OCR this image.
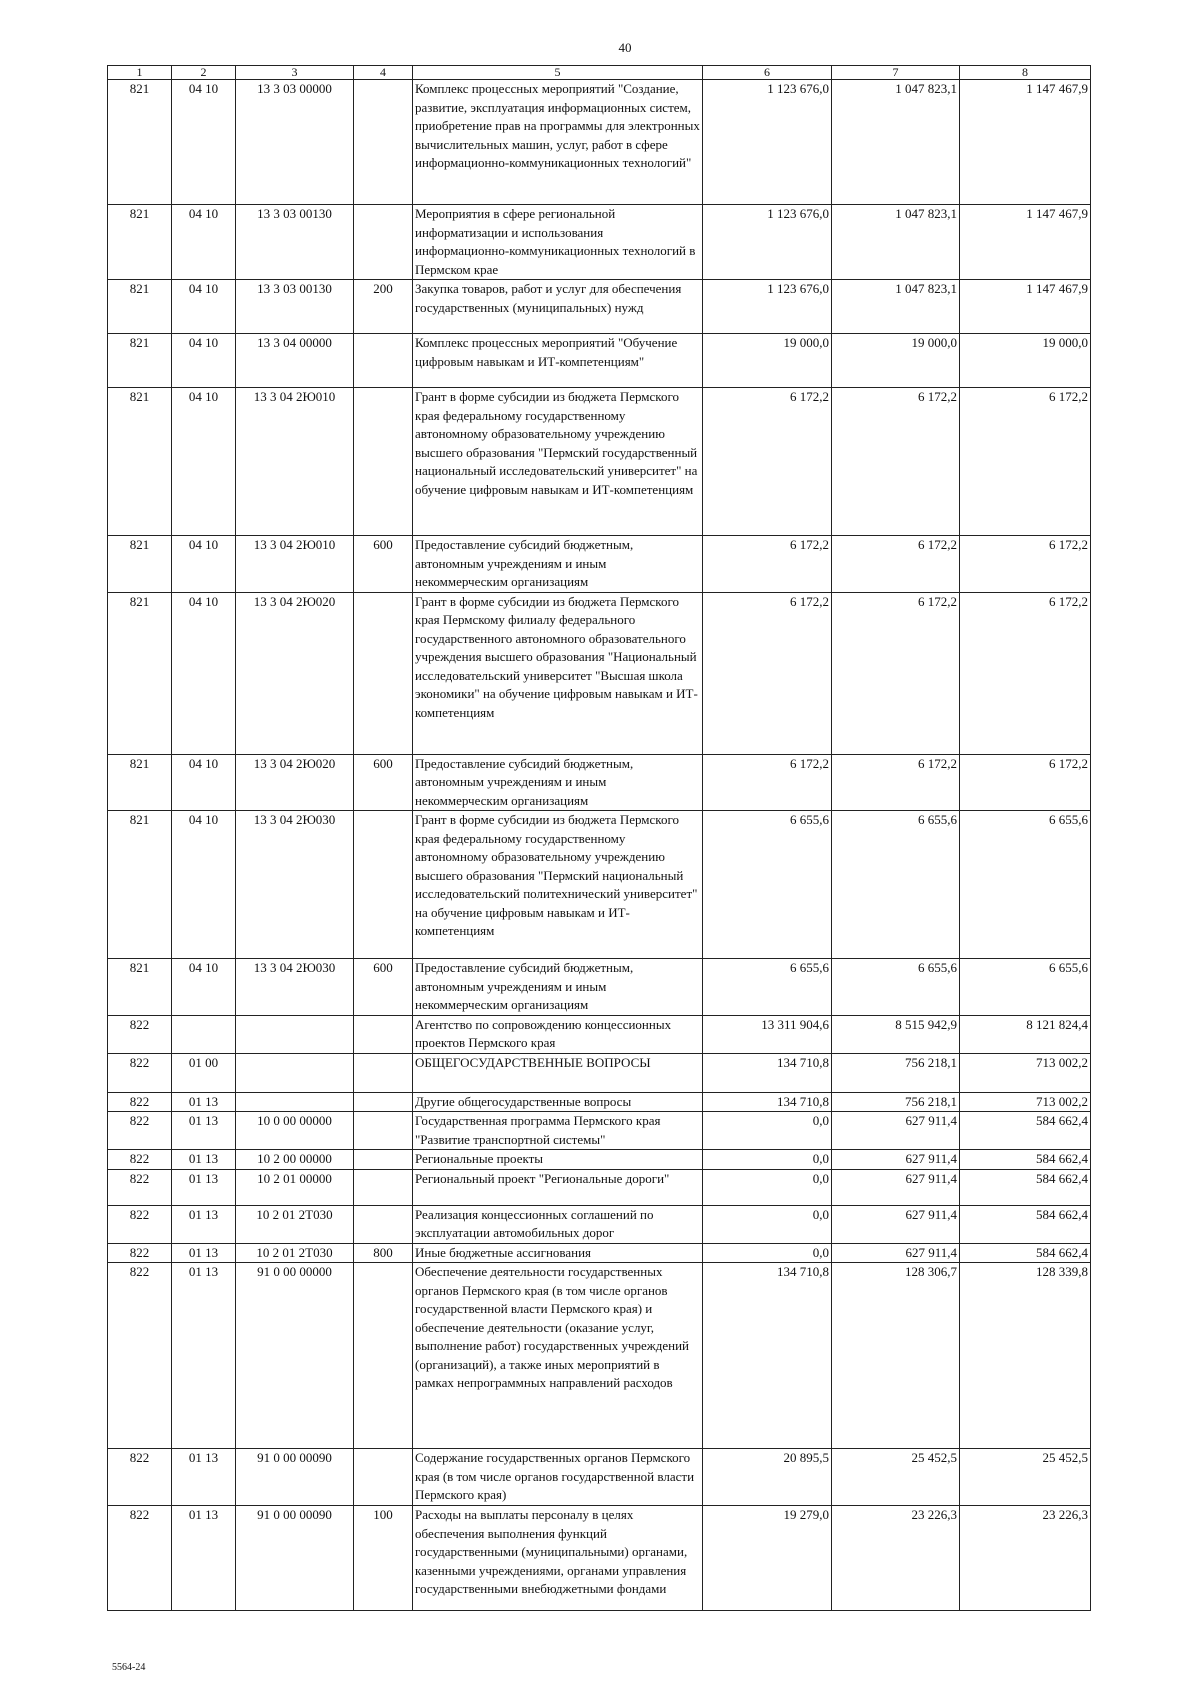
40
1	2	3	4	5	6	7	8
821	04 10	13 3 03 00000		Комплекс процессных мероприятий "Создание, развитие, эксплуатация информационных систем, приобретение прав на программы для электронных вычислительных машин, услуг, работ в сфере информационно-коммуникационных технологий"	1 123 676,0	1 047 823,1	1 147 467,9
821	04 10	13 3 03 00130		Мероприятия в сфере региональной информатизации и использования информационно-коммуникационных технологий в Пермском крае	1 123 676,0	1 047 823,1	1 147 467,9
821	04 10	13 3 03 00130	200	Закупка товаров, работ и услуг для обеспечения государственных (муниципальных) нужд	1 123 676,0	1 047 823,1	1 147 467,9
821	04 10	13 3 04 00000		Комплекс процессных мероприятий "Обучение цифровым навыкам и ИТ-компетенциям"	19 000,0	19 000,0	19 000,0
821	04 10	13 3 04 2Ю010		Грант в форме субсидии из бюджета Пермского края федеральному государственному автономному образовательному учреждению высшего образования "Пермский государственный национальный исследовательский университет" на обучение цифровым навыкам и ИТ-компетенциям	6 172,2	6 172,2	6 172,2
821	04 10	13 3 04 2Ю010	600	Предоставление субсидий бюджетным, автономным учреждениям и иным некоммерческим организациям	6 172,2	6 172,2	6 172,2
821	04 10	13 3 04 2Ю020		Грант в форме субсидии из бюджета Пермского края Пермскому филиалу федерального государственного автономного образовательного учреждения высшего образования "Национальный исследовательский университет "Высшая школа экономики" на обучение цифровым навыкам и ИТ-компетенциям	6 172,2	6 172,2	6 172,2
821	04 10	13 3 04 2Ю020	600	Предоставление субсидий бюджетным, автономным учреждениям и иным некоммерческим организациям	6 172,2	6 172,2	6 172,2
821	04 10	13 3 04 2Ю030		Грант в форме субсидии из бюджета Пермского края федеральному государственному автономному образовательному учреждению высшего образования "Пермский национальный исследовательский политехнический университет" на обучение цифровым навыкам и ИТ-компетенциям	6 655,6	6 655,6	6 655,6
821	04 10	13 3 04 2Ю030	600	Предоставление субсидий бюджетным, автономным учреждениям и иным некоммерческим организациям	6 655,6	6 655,6	6 655,6
822				Агентство по сопровождению концессионных проектов Пермского края	13 311 904,6	8 515 942,9	8 121 824,4
822	01 00			ОБЩЕГОСУДАРСТВЕННЫЕ ВОПРОСЫ	134 710,8	756 218,1	713 002,2
822	01 13			Другие общегосударственные вопросы	134 710,8	756 218,1	713 002,2
822	01 13	10 0 00 00000		Государственная программа Пермского края "Развитие транспортной системы"	0,0	627 911,4	584 662,4
822	01 13	10 2 00 00000		Региональные проекты	0,0	627 911,4	584 662,4
822	01 13	10 2 01 00000		Региональный проект "Региональные дороги"	0,0	627 911,4	584 662,4
822	01 13	10 2 01 2Т030		Реализация концессионных соглашений по эксплуатации автомобильных дорог	0,0	627 911,4	584 662,4
822	01 13	10 2 01 2Т030	800	Иные бюджетные ассигнования	0,0	627 911,4	584 662,4
822	01 13	91 0 00 00000		Обеспечение деятельности государственных органов Пермского края (в том числе органов государственной власти Пермского края) и обеспечение деятельности (оказание услуг, выполнение работ) государственных учреждений (организаций), а также иных мероприятий в рамках непрограммных направлений расходов	134 710,8	128 306,7	128 339,8
822	01 13	91 0 00 00090		Содержание государственных органов Пермского края (в том числе органов государственной власти Пермского края)	20 895,5	25 452,5	25 452,5
822	01 13	91 0 00 00090	100	Расходы на выплаты персоналу в целях обеспечения выполнения функций государственными (муниципальными) органами, казенными учреждениями, органами управления государственными внебюджетными фондами	19 279,0	23 226,3	23 226,3
5564-24
